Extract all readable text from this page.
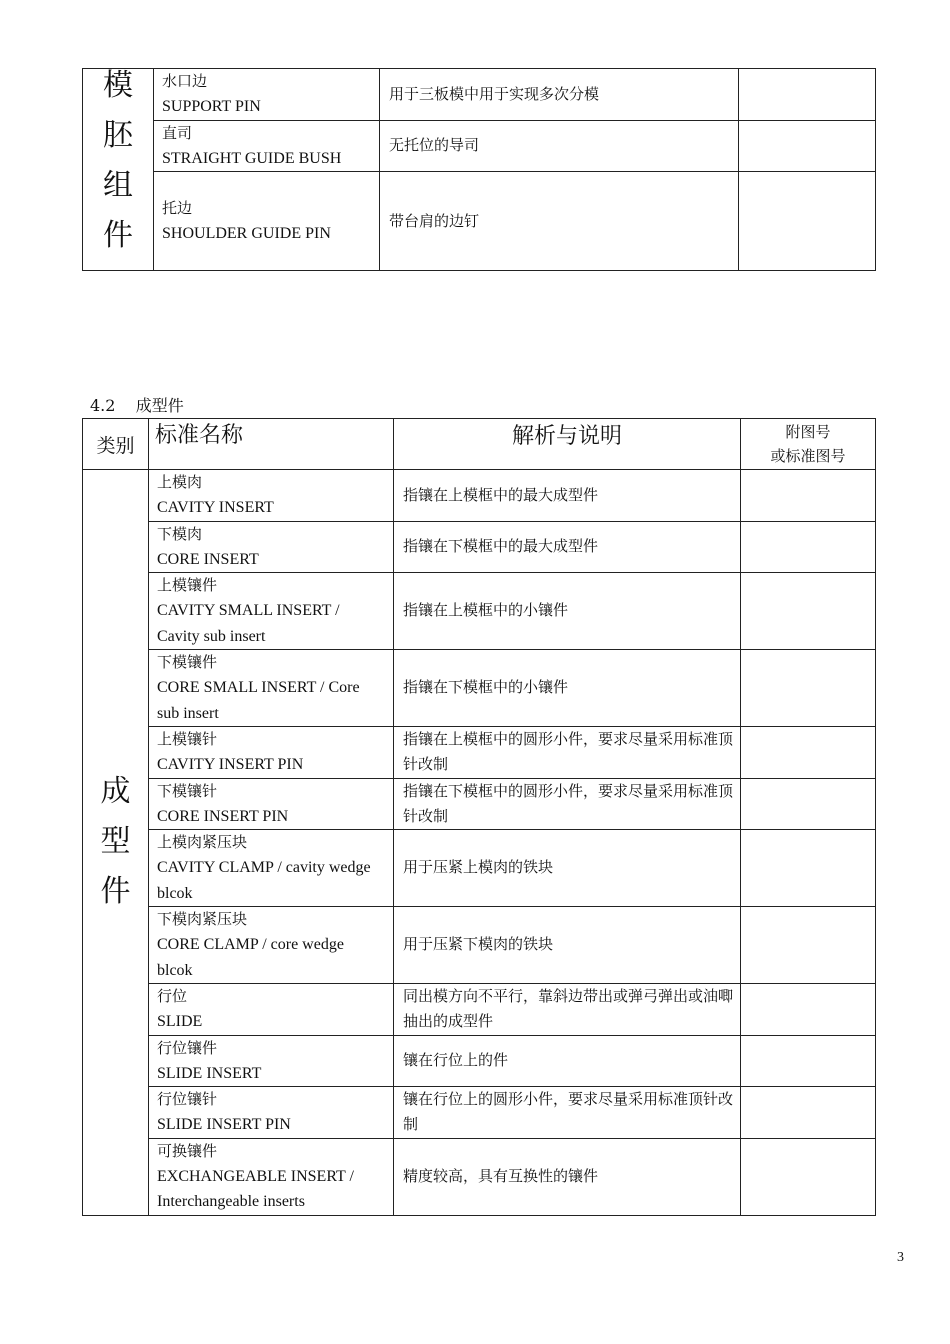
模
胚
组
件	水口边
SUPPORT PIN	用于三板模中用于实现多次分模	

	直司
STRAIGHT GUIDE BUSH	无托位的导司	

	托边
SHOULDER GUIDE PIN	带台肩的边钉	
4.2 成型件
类别	标准名称	解析与说明	附图号
或标准图号

成
型
件	上模肉
CAVITY INSERT	指镶在上模框中的最大成型件	

	下模肉
CORE INSERT	指镶在下模框中的最大成型件	

	上模镶件
CAVITY SMALL INSERT /
Cavity sub insert	指镶在上模框中的小镶件	

	下模镶件
CORE SMALL INSERT / Core
sub insert	指镶在下模框中的小镶件	

	上模镶针
CAVITY INSERT PIN	指镶在上模框中的圆形小件，要求尽量采用标准顶针改制	

	下模镶针
CORE INSERT PIN	指镶在下模框中的圆形小件，要求尽量采用标准顶针改制	

	上模肉紧压块
CAVITY CLAMP / cavity wedge
blcok	用于压紧上模肉的铁块	

	下模肉紧压块
CORE CLAMP / core wedge
blcok	用于压紧下模肉的铁块	

	行位
SLIDE	同出模方向不平行，靠斜边带出或弹弓弹出或油唧抽出的成型件	

	行位镶件
SLIDE INSERT	镶在行位上的件	

	行位镶针
SLIDE INSERT PIN	镶在行位上的圆形小件，要求尽量采用标准顶针改制	

	可换镶件
EXCHANGEABLE INSERT /
Interchangeable inserts	精度较高，具有互换性的镶件	
3
